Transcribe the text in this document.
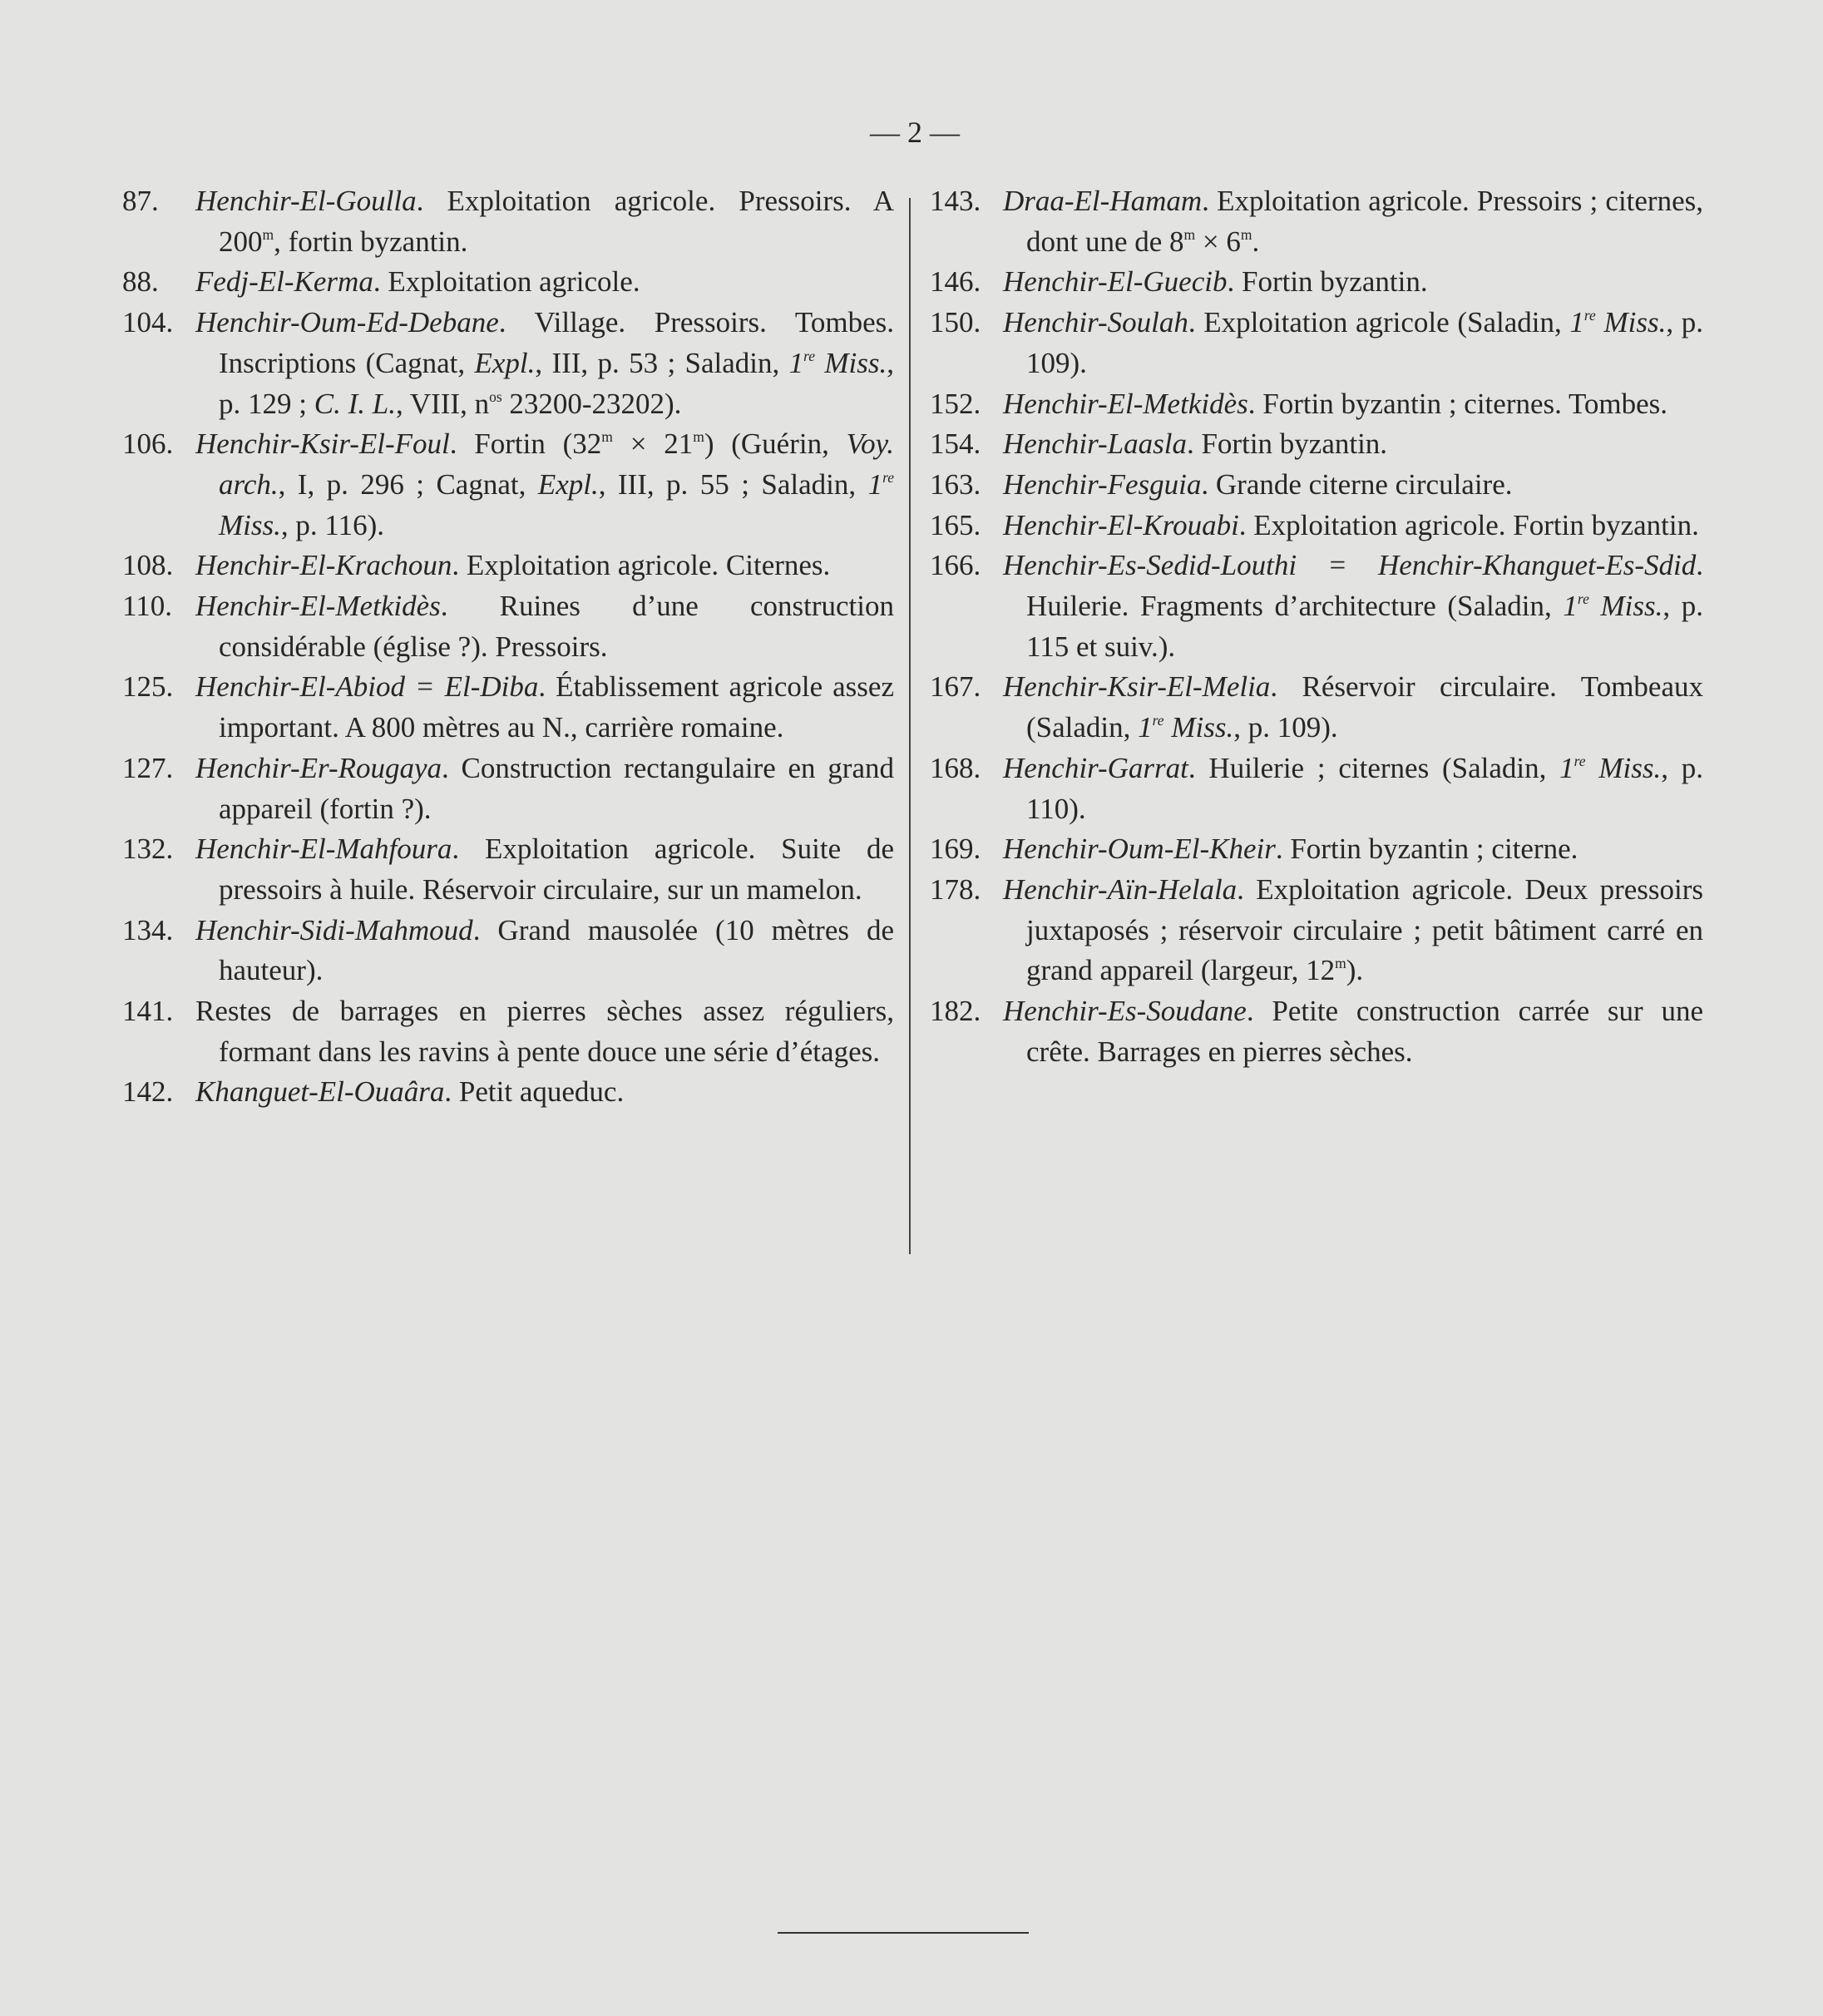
— 2 —

87. Henchir-El-Goulla. Exploitation agricole. Pressoirs. A 200$^m$, fortin byzantin.

88. Fedj-El-Kerma. Exploitation agricole.

104. Henchir-Oum-Ed-Debane. Village. Pressoirs. Tombes. Inscriptions (Cagnat, Expl., III, p. 53 ; Saladin, 1re Miss., p. 129 ; C. I. L., VIII, $n^{os}$ 23200-23202).

106. Henchir-Ksir-El-Foul. Fortin $(32^m \times 21^m)$ (Guérin, Voy. arch., I, p. 296 ; Cagnat, Expl., III, p. 55 ; Saladin, 1re Miss., p. 116).

108. Henchir-El-Krachoun. Exploitation agricole. Citernes.

110. Henchir-El-Metkidès. Ruines d’une construction considérable (église ?). Pressoirs.

125. Henchir-El-Abiod = El-Diba. Établissement agricole assez important. A 800 mètres au N., carrière romaine.

127. Henchir-Er-Rougaya. Construction rectangulaire en grand appareil (fortin ?).

132. Henchir-El-Mahfoura. Exploitation agricole. Suite de pressoirs à huile. Réservoir circulaire, sur un mamelon.

134. Henchir-Sidi-Mahmoud. Grand mausolée (10 mètres de hauteur).

141. Restes de barrages en pierres sèches assez réguliers, formant dans les ravins à pente douce une série d’étages.

142. Khanguet-El-Ouaâra. Petit aqueduc.

143. Draa-El-Hamam. Exploitation agricole. Pressoirs ; citernes, dont une de $8^m \times 6^m$.

146. Henchir-El-Guecib. Fortin byzantin.

150. Henchir-Soulah. Exploitation agricole (Saladin, 1re Miss., p. 109).

152. Henchir-El-Metkidès. Fortin byzantin ; citernes. Tombes.

154. Henchir-Laasla. Fortin byzantin.

163. Henchir-Fesguia. Grande citerne circulaire.

165. Henchir-El-Krouabi. Exploitation agricole. Fortin byzantin.

166. Henchir-Es-Sedid-Louthi = Henchir-Khanguet-Es-Sdid. Huilerie. Fragments d’architecture (Saladin, 1re Miss., p. 115 et suiv.).

167. Henchir-Ksir-El-Melia. Réservoir circulaire. Tombeaux (Saladin, 1re Miss., p. 109).

168. Henchir-Garrat. Huilerie ; citernes (Saladin, 1re Miss., p. 110).

169. Henchir-Oum-El-Kheir. Fortin byzantin ; citerne.

178. Henchir-Aïn-Helala. Exploitation agricole. Deux pressoirs juxtaposés ; réservoir circulaire ; petit bâtiment carré en grand appareil (largeur, 12$^m$).

182. Henchir-Es-Soudane. Petite construction carrée sur une crête. Barrages en pierres sèches.
